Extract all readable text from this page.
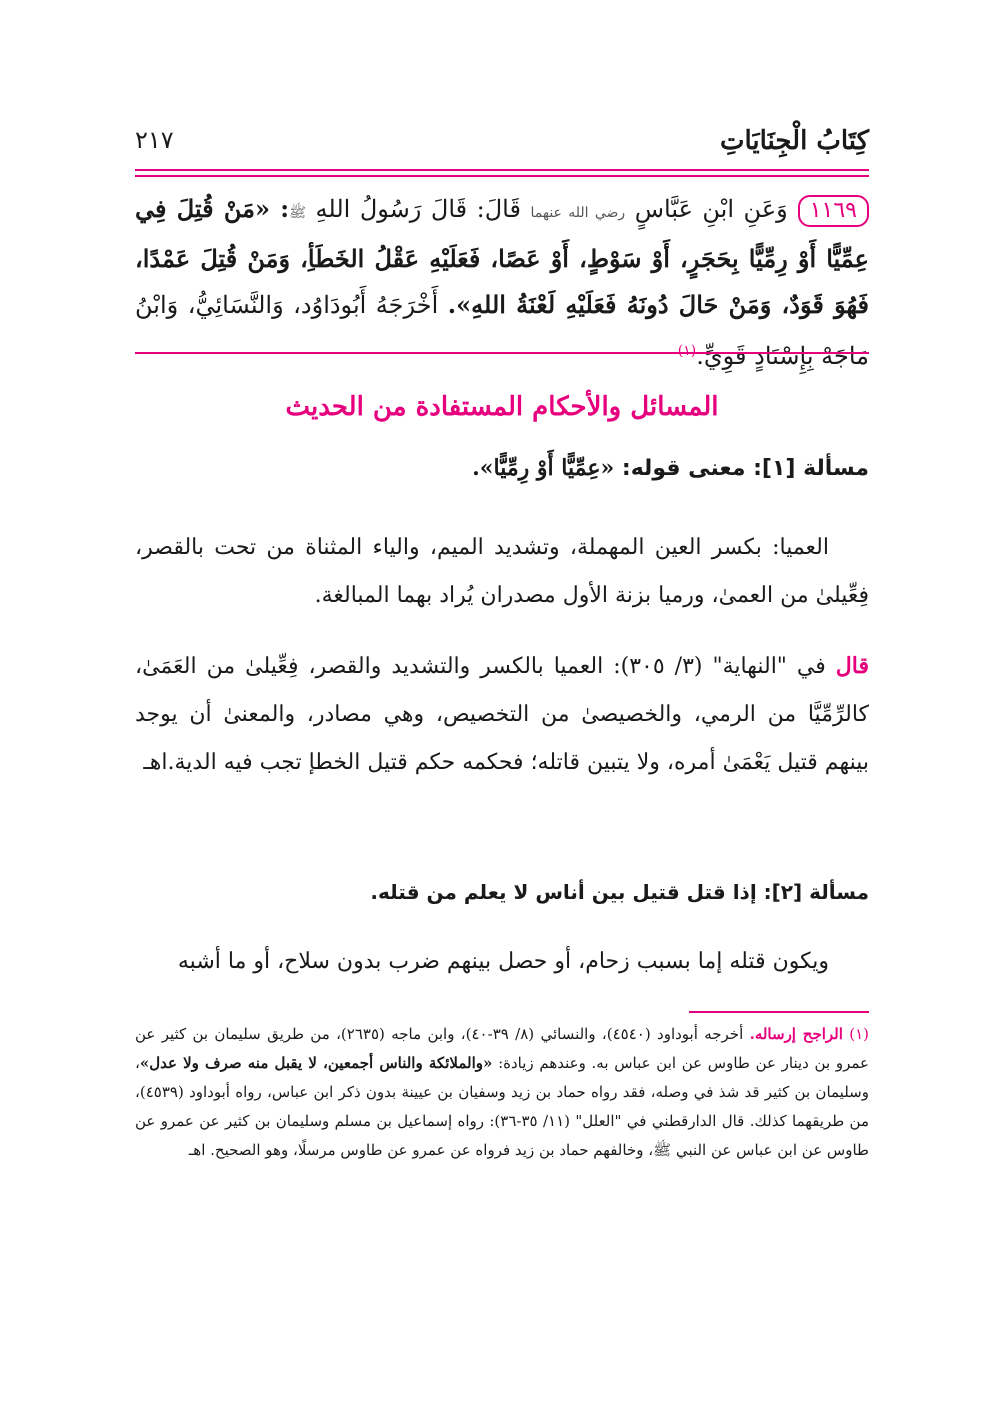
كِتَابُ الْجِنَايَاتِ
٢١٧
١١٦٩وَعَنِ ابْنِ عَبَّاسٍ رضي الله عنهما قَالَ: قَالَ رَسُولُ اللهِ ﷺ: «مَنْ قُتِلَ فِي عِمِّيًّا أَوْ رِمِّيًّا بِحَجَرٍ، أَوْ سَوْطٍ، أَوْ عَصًا، فَعَلَيْهِ عَقْلُ الخَطَأِ، وَمَنْ قُتِلَ عَمْدًا، فَهُوَ قَوَدٌ، وَمَنْ حَالَ دُونَهُ فَعَلَيْهِ لَعْنَةُ اللهِ». أَخْرَجَهُ أَبُودَاوُد، وَالنَّسَائِيُّ، وَابْنُ مَاجَهْ بِإِسْنَادٍ قَوِيٍّ.$^{(١)}$
المسائل والأحكام المستفادة من الحديث
مسألة [١]: معنى قوله: «عِمِّيًّا أَوْ رِمِّيًّا».
العميا: بكسر العين المهملة، وتشديد الميم، والياء المثناة من تحت بالقصر، فِعِّيلىٰ من العمىٰ، ورميا بزنة الأول مصدران يُراد بهما المبالغة.
قال في "النهاية" (٣/ ٣٠٥): العميا بالكسر والتشديد والقصر، فِعِّيلىٰ من العَمَىٰ، كالرِّمِّيَّا من الرمي، والخصيصىٰ من التخصيص، وهي مصادر، والمعنىٰ أن يوجد بينهم قتيل يَعْمَىٰ أمره، ولا يتبين قاتله؛ فحكمه حكم قتيل الخطإ تجب فيه الدية.اهـ
مسألة [٢]: إذا قتل قتيل بين أناس لا يعلم من قتله.
ويكون قتله إما بسبب زحام، أو حصل بينهم ضرب بدون سلاح، أو ما أشبه
(١) الراجح إرساله. أخرجه أبوداود (٤٥٤٠)، والنسائي (٨/ ٣٩-٤٠)، وابن ماجه (٢٦٣٥)، من طريق سليمان بن كثير عن عمرو بن دينار عن طاوس عن ابن عباس به. وعندهم زيادة: «والملائكة والناس أجمعين، لا يقبل منه صرف ولا عدل»، وسليمان بن كثير قد شذ في وصله، فقد رواه حماد بن زيد وسفيان بن عيينة بدون ذكر ابن عباس، رواه أبوداود (٤٥٣٩)، من طريقهما كذلك. قال الدارقطني في "العلل" (١١/ ٣٥-٣٦): رواه إسماعيل بن مسلم وسليمان بن كثير عن عمرو عن طاوس عن ابن عباس عن النبي ﷺ، وخالفهم حماد بن زيد فرواه عن عمرو عن طاوس مرسلًا، وهو الصحيح. اهـ
